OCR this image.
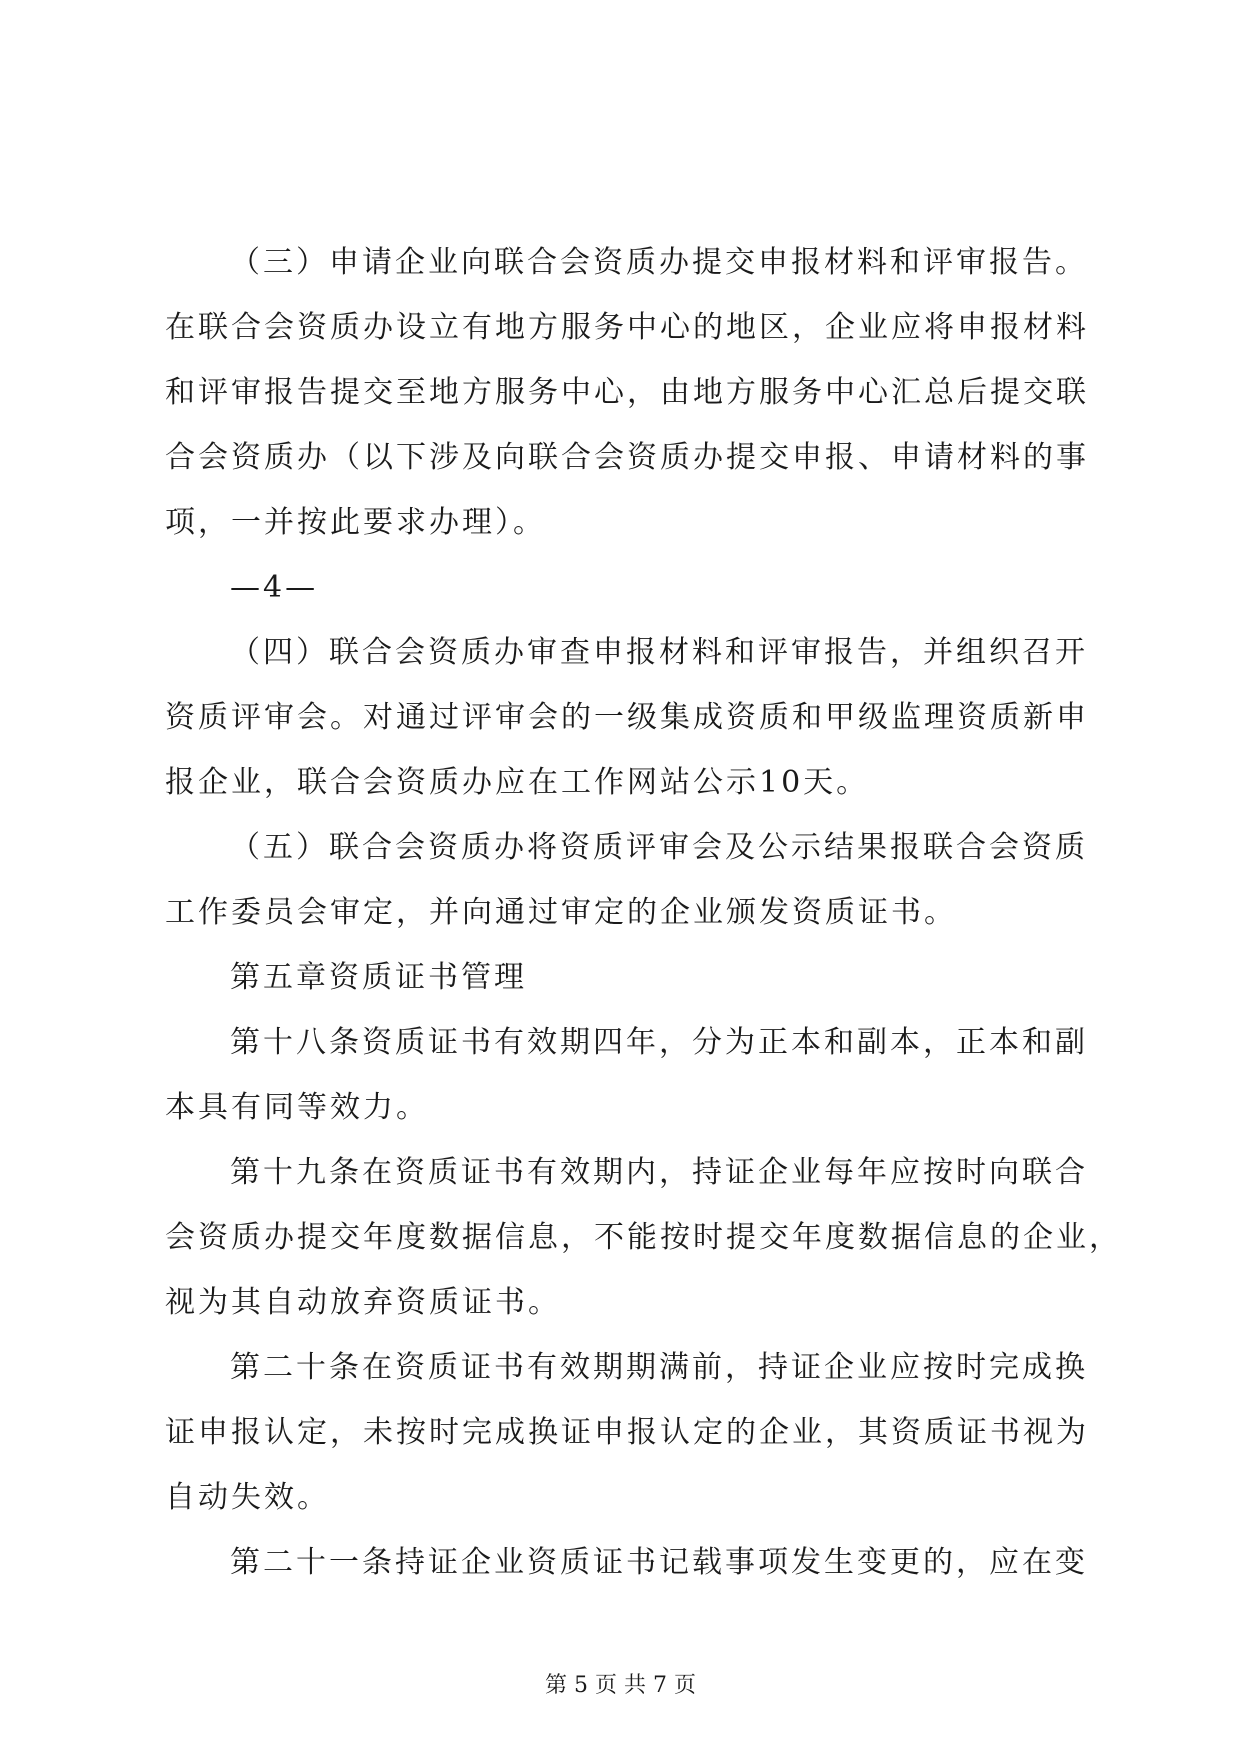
（三）申请企业向联合会资质办提交申报材料和评审报告。
在联合会资质办设立有地方服务中心的地区，企业应将申报材料
和评审报告提交至地方服务中心，由地方服务中心汇总后提交联
合会资质办（以下涉及向联合会资质办提交申报、申请材料的事
项，一并按此要求办理）。
—4—
（四）联合会资质办审查申报材料和评审报告，并组织召开
资质评审会。对通过评审会的一级集成资质和甲级监理资质新申
报企业，联合会资质办应在工作网站公示10天。
（五）联合会资质办将资质评审会及公示结果报联合会资质
工作委员会审定，并向通过审定的企业颁发资质证书。
第五章资质证书管理
第十八条资质证书有效期四年，分为正本和副本，正本和副
本具有同等效力。
第十九条在资质证书有效期内，持证企业每年应按时向联合
会资质办提交年度数据信息，不能按时提交年度数据信息的企业，
视为其自动放弃资质证书。
第二十条在资质证书有效期期满前，持证企业应按时完成换
证申报认定，未按时完成换证申报认定的企业，其资质证书视为
自动失效。
第二十一条持证企业资质证书记载事项发生变更的，应在变
第 5 页 共 7 页
